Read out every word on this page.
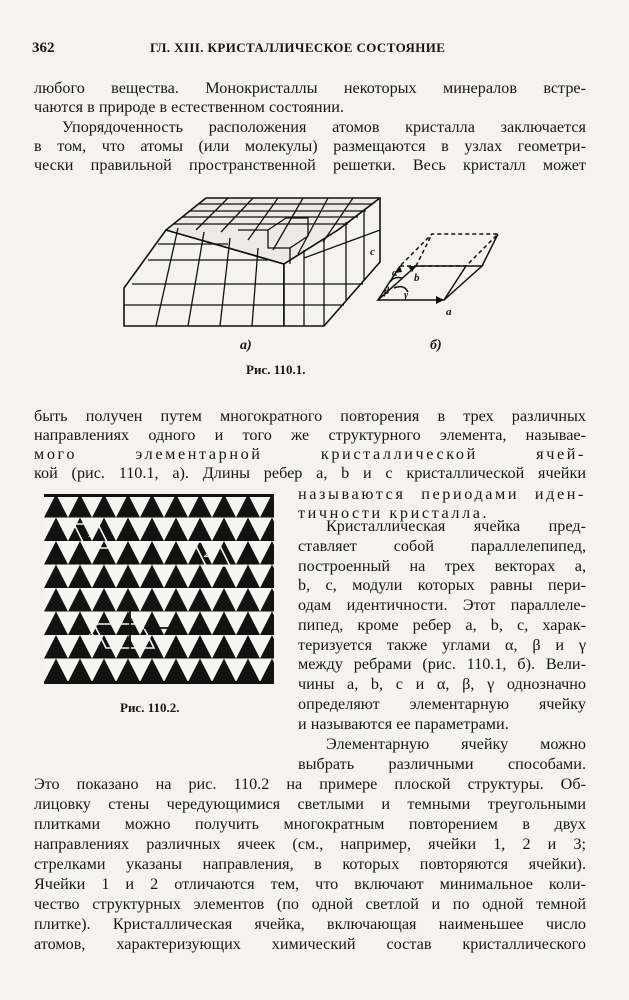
362	ГЛ. XIII. КРИСТАЛЛИЧЕСКОЕ СОСТОЯНИЕ
любого вещества. Монокристаллы некоторых минералов встре-
чаются в природе в естественном состоянии.
Упорядоченность расположения атомов кристалла заключается
в том, что атомы (или молекулы) размещаются в узлах геометри-
чески правильной пространственной решетки. Весь кристалл может
а)
c
a
b
α
β γ
б)
Рис. 110.1.
быть получен путем многократного повторения в трех различных
направлениях одного и того же структурного элемента, называе-
мого элементарной кристаллической ячей-
кой (рис. 110.1, а). Длины ребер a, b и c кристаллической ячейки
называются периодами иден-
тичности кристалла.
1
2
3
Рис. 110.2.
Кристаллическая ячейка пред-
ставляет собой параллелепипед,
построенный на трех векторах a,
b, c, модули которых равны пери-
одам идентичности. Этот параллеле-
пипед, кроме ребер a, b, c, харак-
теризуется также углами α, β и γ
между ребрами (рис. 110.1, б). Вели-
чины a, b, c и α, β, γ однозначно
определяют элементарную ячейку
и называются ее параметрами.
Элементарную ячейку можно
выбрать различными способами.
Это показано на рис. 110.2 на примере плоской структуры. Об-
лицовку стены чередующимися светлыми и темными треугольными
плитками можно получить многократным повторением в двух
направлениях различных ячеек (см., например, ячейки 1, 2 и 3;
стрелками указаны направления, в которых повторяются ячейки).
Ячейки 1 и 2 отличаются тем, что включают минимальное коли-
чество структурных элементов (по одной светлой и по одной темной
плитке). Кристаллическая ячейка, включающая наименьшее число
атомов, характеризующих химический состав кристаллического
